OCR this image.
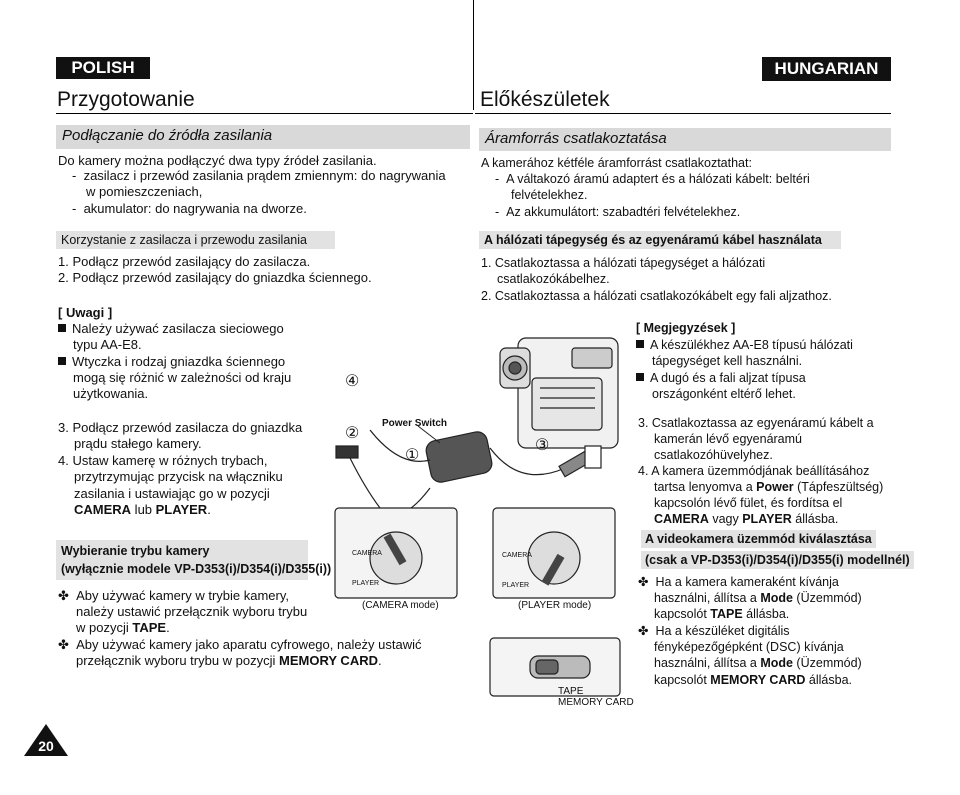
POLISH
Przygotowanie
Podłączanie do źródła zasilania
Do kamery można podłączyć dwa typy źródeł zasilania.
-  zasilacz i przewód zasilania prądem zmiennym: do nagrywania
w pomieszczeniach,
-  akumulator: do nagrywania na dworze.
Korzystanie z zasilacza i przewodu zasilania
1. Podłącz przewód zasilający do zasilacza.
2. Podłącz przewód zasilający do gniazdka ściennego.
[ Uwagi ]
Należy używać zasilacza sieciowego
typu AA-E8.
Wtyczka i rodzaj gniazdka ściennego
mogą się różnić w zależności od kraju
użytkowania.
3. Podłącz przewód zasilacza do gniazdka
prądu stałego kamery.
4. Ustaw kamerę w różnych trybach,
przytrzymując przycisk na włączniku
zasilania i ustawiając go w pozycji
CAMERA lub PLAYER.
Wybieranie trybu kamery
(wyłącznie modele VP-D353(i)/D354(i)/D355(i))
✤ Aby używać kamery w trybie kamery,
należy ustawić przełącznik wyboru trybu
w pozycji TAPE.
✤ Aby używać kamery jako aparatu cyfrowego, należy ustawić
przełącznik wyboru trybu w pozycji MEMORY CARD.
20
HUNGARIAN
Előkészületek
Áramforrás csatlakoztatása
A kamerához kétféle áramforrást csatlakoztathat:
-  A váltakozó áramú adaptert és a hálózati kábelt: beltéri
felvételekhez.
-  Az akkumulátort: szabadtéri felvételekhez.
A hálózati tápegység és az egyenáramú kábel használata
1. Csatlakoztassa a hálózati tápegységet a hálózati
csatlakozókábelhez.
2. Csatlakoztassa a hálózati csatlakozókábelt egy fali aljzathoz.
[ Megjegyzések ]
A készülékhez AA-E8 típusú hálózati
tápegységet kell használni.
A dugó és a fali aljzat típusa
országonként eltérő lehet.
3. Csatlakoztassa az egyenáramú kábelt a
kamerán lévő egyenáramú
csatlakozóhüvelyhez.
4. A kamera üzemmódjának beállításához
tartsa lenyomva a Power (Tápfeszültség)
kapcsolón lévő fület, és fordítsa el
CAMERA vagy PLAYER állásba.
A videokamera üzemmód kiválasztása
(csak a VP-D353(i)/D354(i)/D355(i) modellnél)
✤ Ha a kamera kameraként kívánja
használni, állítsa a Mode (Üzemmód)
kapcsolót TAPE állásba.
✤ Ha a készüléket digitális
fényképezőgépként (DSC) kívánja
használni, állítsa a Mode (Üzemmód)
kapcsolót MEMORY CARD állásba.
Power Switch
①
②
③
④
CAMERA
PLAYER
CAMERA
PLAYER
(CAMERA mode)	(PLAYER mode)
TAPE
MEMORY CARD
